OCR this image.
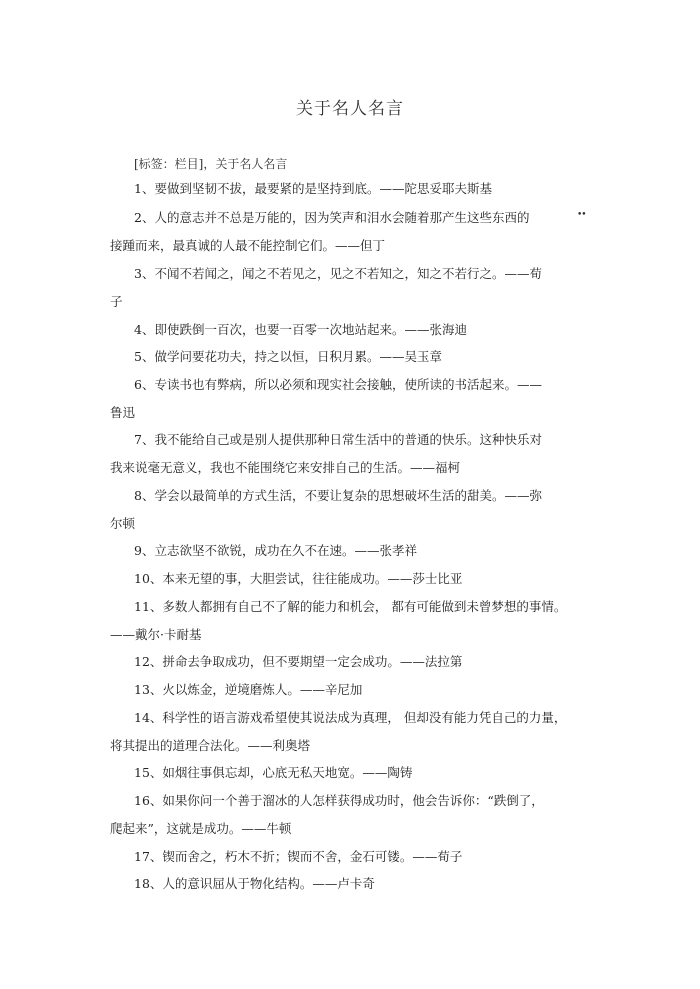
关于名人名言
[标签：栏目]，关于名人名言
••
1、要做到坚韧不拔，最要紧的是坚持到底。——陀思妥耶夫斯基
2、人的意志并不总是万能的，因为笑声和泪水会随着那产生这些东西的
接踵而来，最真诚的人最不能控制它们。——但丁
3、不闻不若闻之，闻之不若见之，见之不若知之，知之不若行之。——荀
子
4、即使跌倒一百次，也要一百零一次地站起来。——张海迪
5、做学问要花功夫，持之以恒，日积月累。——吴玉章
6、专读书也有弊病，所以必须和现实社会接触，使所读的书活起来。——
鲁迅
7、我不能给自己或是别人提供那种日常生活中的普通的快乐。这种快乐对
我来说毫无意义，我也不能围绕它来安排自己的生活。——福柯
8、学会以最简单的方式生活，不要让复杂的思想破坏生活的甜美。——弥
尔顿
9、立志欲坚不欲锐，成功在久不在速。——张孝祥
10、本来无望的事，大胆尝试，往往能成功。——莎士比亚
11、多数人都拥有自己不了解的能力和机会， 都有可能做到未曾梦想的事情。
——戴尔·卡耐基
12、拼命去争取成功，但不要期望一定会成功。——法拉第
13、火以炼金，逆境磨炼人。——辛尼加
14、科学性的语言游戏希望使其说法成为真理， 但却没有能力凭自己的力量，
将其提出的道理合法化。——利奥塔
15、如烟往事俱忘却，心底无私天地宽。——陶铸
16、如果你问一个善于溜冰的人怎样获得成功时，他会告诉你：“跌倒了，
爬起来”，这就是成功。——牛顿
17、锲而舍之，朽木不折；锲而不舍，金石可镂。——荀子
18、人的意识屈从于物化结构。——卢卡奇
